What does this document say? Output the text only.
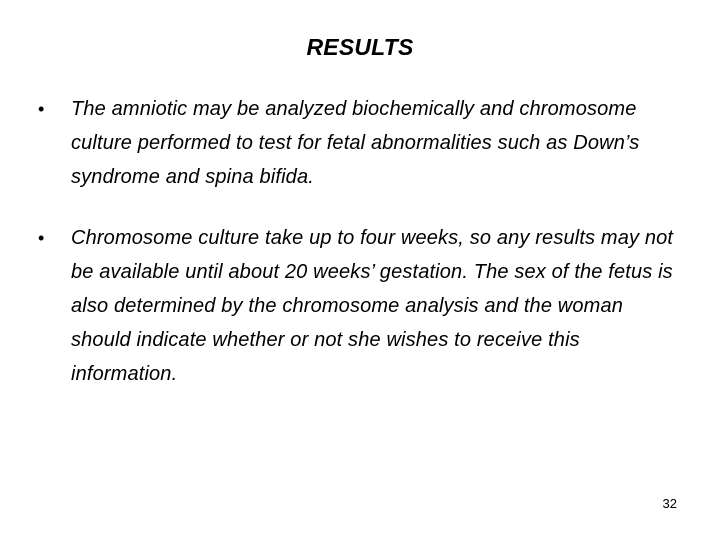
RESULTS
• The amniotic may be analyzed biochemically and chromosome culture performed to test for fetal abnormalities such as Down’s syndrome and spina bifida.
• Chromosome culture take up to four weeks, so any results may not be available until about 20 weeks’ gestation. The sex of the fetus is also determined by the chromosome analysis and the woman should indicate whether or not she wishes to receive this information.
32
